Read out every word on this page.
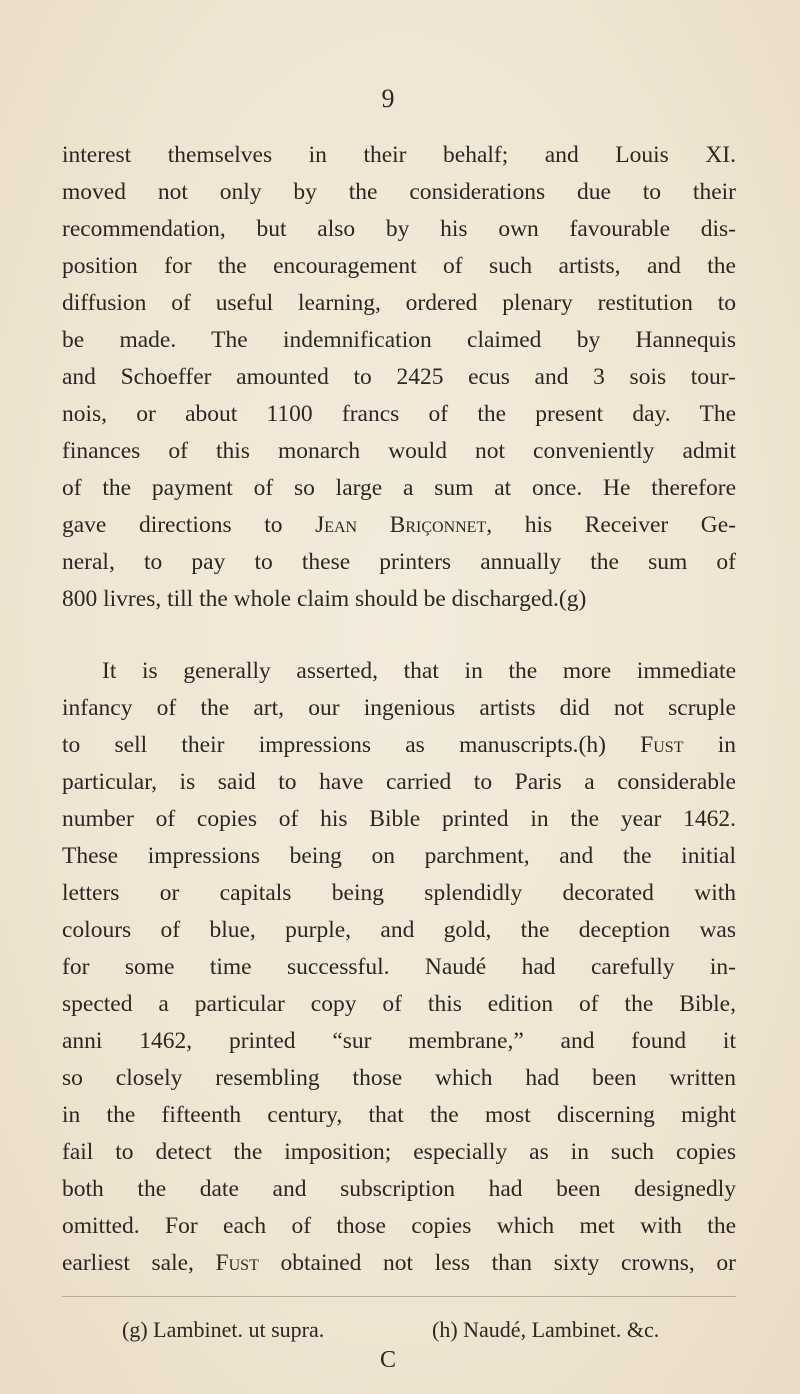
9
interest themselves in their behalf; and Louis XI.
moved not only by the considerations due to their
recommendation, but also by his own favourable dis-
position for the encouragement of such artists, and the
diffusion of useful learning, ordered plenary restitution to
be made. The indemnification claimed by Hannequis
and Schoeffer amounted to 2425 ecus and 3 sois tour-
nois, or about 1100 francs of the present day. The
finances of this monarch would not conveniently admit
of the payment of so large a sum at once. He therefore
gave directions to Jean Briçonnet, his Receiver Ge-
neral, to pay to these printers annually the sum of
800 livres, till the whole claim should be discharged.(g)
It is generally asserted, that in the more immediate
infancy of the art, our ingenious artists did not scruple
to sell their impressions as manuscripts.(h) Fust in
particular, is said to have carried to Paris a considerable
number of copies of his Bible printed in the year 1462.
These impressions being on parchment, and the initial
letters or capitals being splendidly decorated with
colours of blue, purple, and gold, the deception was
for some time successful. Naudé had carefully in-
spected a particular copy of this edition of the Bible,
anni 1462, printed “sur membrane,” and found it
so closely resembling those which had been written
in the fifteenth century, that the most discerning might
fail to detect the imposition; especially as in such copies
both the date and subscription had been designedly
omitted. For each of those copies which met with the
earliest sale, Fust obtained not less than sixty crowns, or
(g) Lambinet. ut supra.	(h) Naudé, Lambinet. &c.
C
